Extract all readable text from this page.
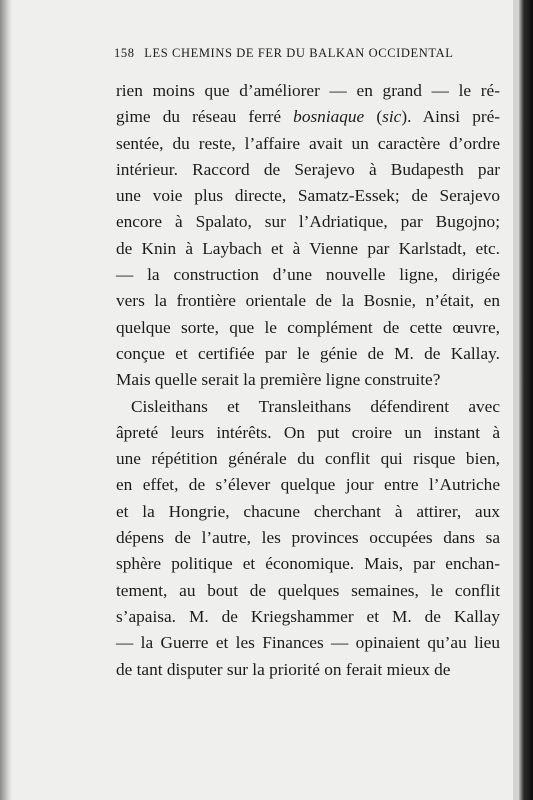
158 LES CHEMINS DE FER DU BALKAN OCCIDENTAL
rien moins que d’améliorer — en grand — le ré-
gime du réseau ferré bosniaque (sic). Ainsi pré-
sentée, du reste, l’affaire avait un caractère d’ordre
intérieur. Raccord de Serajevo à Budapesth par
une voie plus directe, Samatz-Essek; de Serajevo
encore à Spalato, sur l’Adriatique, par Bugojno;
de Knin à Laybach et à Vienne par Karlstadt, etc.
— la construction d’une nouvelle ligne, dirigée
vers la frontière orientale de la Bosnie, n’était, en
quelque sorte, que le complément de cette œuvre,
conçue et certifiée par le génie de M. de Kallay.
Mais quelle serait la première ligne construite?
Cisleithans et Transleithans défendirent avec
âpreté leurs intérêts. On put croire un instant à
une répétition générale du conflit qui risque bien,
en effet, de s’élever quelque jour entre l’Autriche
et la Hongrie, chacune cherchant à attirer, aux
dépens de l’autre, les provinces occupées dans sa
sphère politique et économique. Mais, par enchan-
tement, au bout de quelques semaines, le conflit
s’apaisa. M. de Kriegshammer et M. de Kallay
— la Guerre et les Finances — opinaient qu’au lieu
de tant disputer sur la priorité on ferait mieux de
